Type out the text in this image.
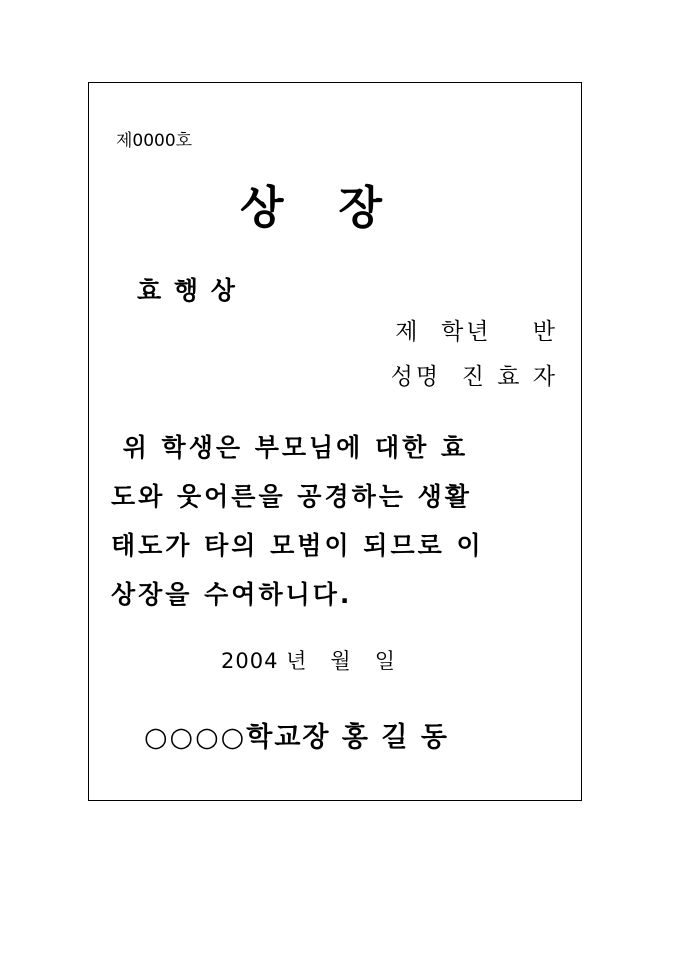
제0000호
상   장
효 행 상
제  학년    반
성명  진 효 자
위 학생은 부모님에 대한 효
도와 웃어른을 공경하는 생활
태도가 타의 모범이 되므로 이
상장을 수여하니다.
2004 년   월   일
○○○○학교장 홍 길 동
